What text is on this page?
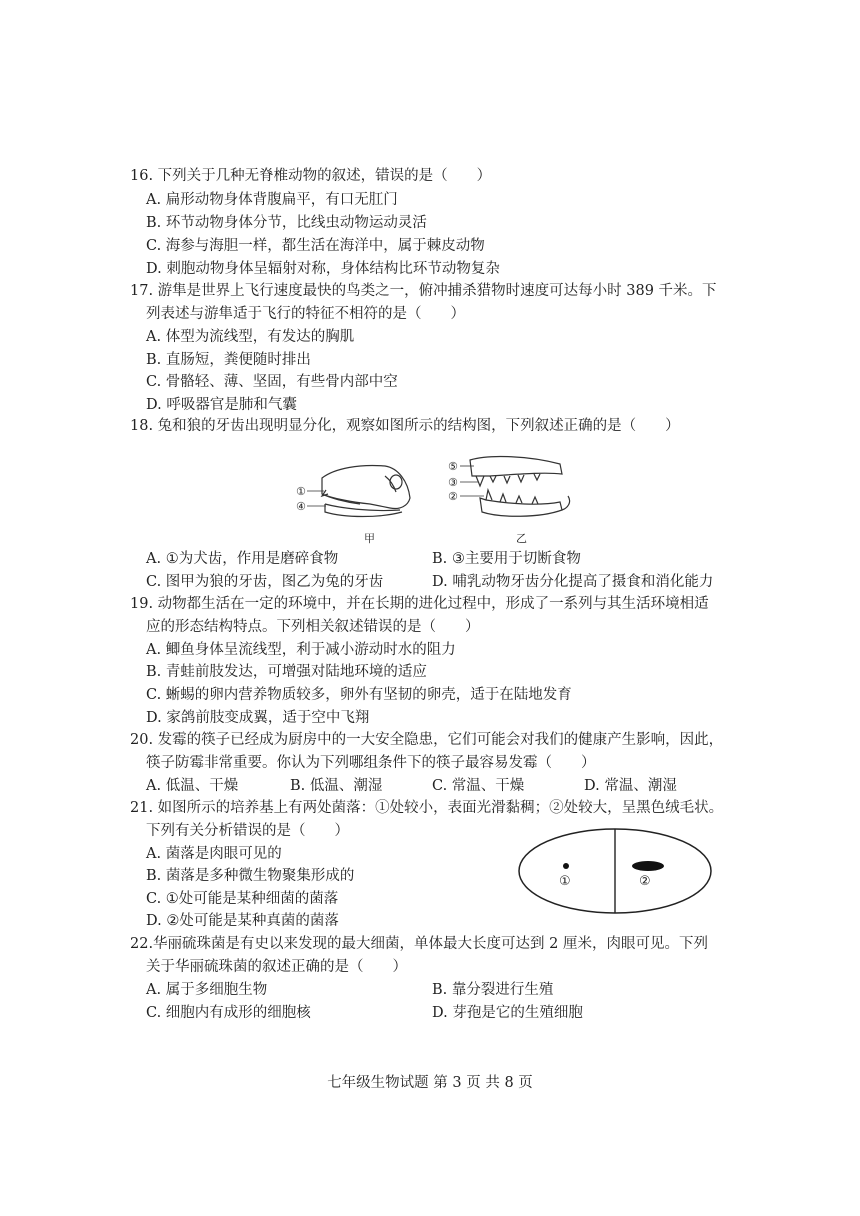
16. 下列关于几种无脊椎动物的叙述，错误的是（　　）
A. 扁形动物身体背腹扁平，有口无肛门
B. 环节动物身体分节，比线虫动物运动灵活
C. 海参与海胆一样，都生活在海洋中，属于棘皮动物
D. 刺胞动物身体呈辐射对称，身体结构比环节动物复杂
17. 游隼是世界上飞行速度最快的鸟类之一，俯冲捕杀猎物时速度可达每小时 389 千米。下
列表述与游隼适于飞行的特征不相符的是（　　）
A. 体型为流线型，有发达的胸肌
B. 直肠短，粪便随时排出
C. 骨骼轻、薄、坚固，有些骨内部中空
D. 呼吸器官是肺和气囊
18. 兔和狼的牙齿出现明显分化，观察如图所示的结构图，下列叙述正确的是（　　）
①
④
甲
⑤
③
②
乙
A. ①为犬齿，作用是磨碎食物	B. ③主要用于切断食物
C. 图甲为狼的牙齿，图乙为兔的牙齿	D. 哺乳动物牙齿分化提高了摄食和消化能力
19. 动物都生活在一定的环境中，并在长期的进化过程中，形成了一系列与其生活环境相适
应的形态结构特点。下列相关叙述错误的是（　　）
A. 鲫鱼身体呈流线型，利于减小游动时水的阻力
B. 青蛙前肢发达，可增强对陆地环境的适应
C. 蜥蜴的卵内营养物质较多，卵外有坚韧的卵壳，适于在陆地发育
D. 家鸽前肢变成翼，适于空中飞翔
20. 发霉的筷子已经成为厨房中的一大安全隐患，它们可能会对我们的健康产生影响，因此，
筷子防霉非常重要。你认为下列哪组条件下的筷子最容易发霉（　　）
A. 低温、干燥	B. 低温、潮湿	C. 常温、干燥	D. 常温、潮湿
21. 如图所示的培养基上有两处菌落：①处较小，表面光滑黏稠；②处较大，呈黑色绒毛状。
下列有关分析错误的是（　　）
A. 菌落是肉眼可见的
B. 菌落是多种微生物聚集形成的
C. ①处可能是某种细菌的菌落
D. ②处可能是某种真菌的菌落
①	②
22.华丽硫珠菌是有史以来发现的最大细菌，单体最大长度可达到 2 厘米，肉眼可见。下列
关于华丽硫珠菌的叙述正确的是（　　）
A. 属于多细胞生物	B. 靠分裂进行生殖
C. 细胞内有成形的细胞核	D. 芽孢是它的生殖细胞
七年级生物试题 第 3 页 共 8 页
